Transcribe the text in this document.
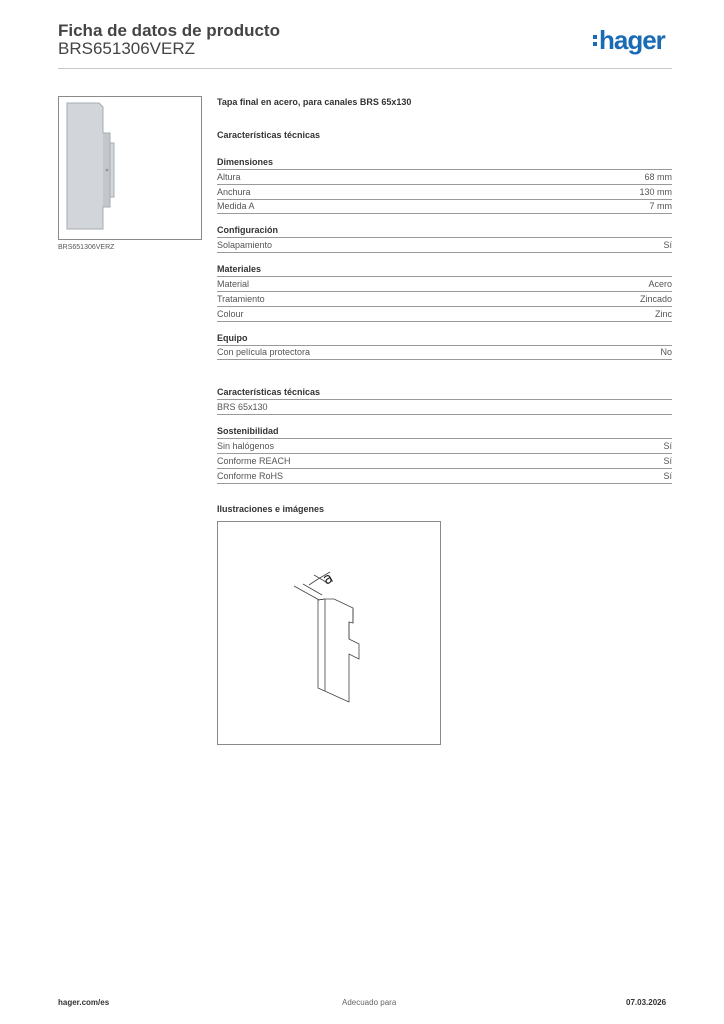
Ficha de datos de producto
BRS651306VERZ	hager
BRS651306VERZ
Tapa final en acero, para canales BRS 65x130
Características técnicas
Dimensiones
Altura	68 mm
Anchura	130 mm
Medida A	7 mm
Configuración
Solapamiento	Sí
Materiales
Material	Acero
Tratamiento	Zincado
Colour	Zinc
Equipo
Con película protectora	No
Características técnicas
BRS 65x130
Sostenibilidad
Sin halógenos	Sí
Conforme REACH	Sí
Conforme RoHS	Sí
Ilustraciones e imágenes
a
hager.com/es	Adecuado para	07.03.2026
